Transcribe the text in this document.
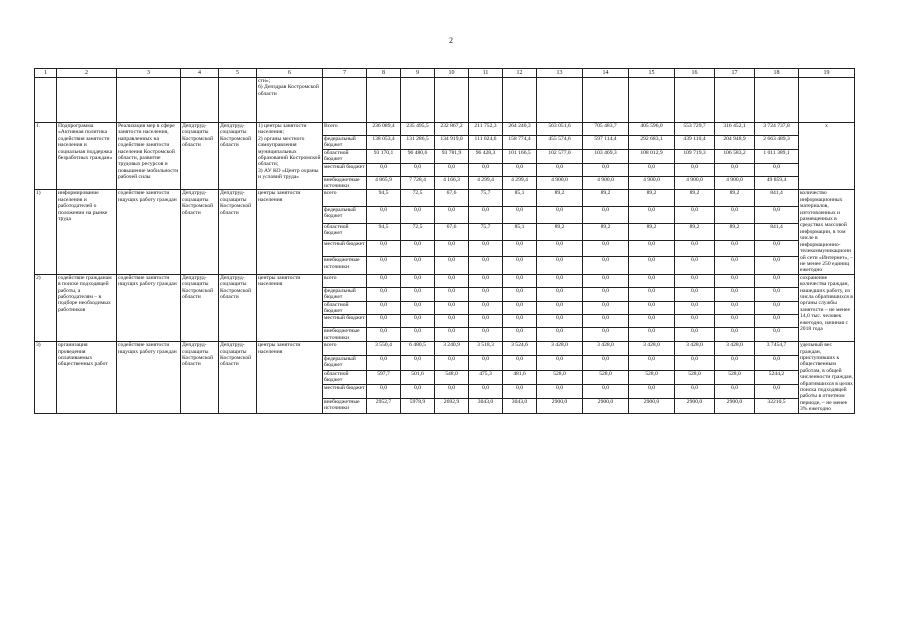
2
1	2	3	4	5	6	7	8	9	10	11	12	13	14	15	16	17	18	19
					сти»;
6) Депздрав Костромской области													
1.	Подпрограмма «Активная политика содействия занятости населения и социальная поддержка безработных граждан»	Реализация мер в сфере занятости населения, направленных на содействие занятости населения Костромской области, развитие трудовых ресурсов и повышение мобильности рабочей силы	Депдтруд-соцзащиты Костромской области	Депдтруд-соцзащиты Костромской области	1) центры занятости населения;
2) органы местного самоуправления муниципальных образований Костромской области;
3) АУ КО «Центр охраны и условий труда»	Всего	236 089,4	235 495,5	232 867,2	211 752,3	264 240,3	563 051,6	705 483,7	405 596,0	553 729,7	316 452,1	3 724 737,8	x
						федеральный бюджет	138 053,4	131 286,5	134 919,0	111 024,6	158 774,4	455 574,6	597 114,4	292 683,1	439 110,4	204 948,9	2 663 489,3	
						областной бюджет	93 170,1	96 480,6	93 781,9	96 428,3	101 166,5	102 577,0	103 469,3	108 012,9	109 719,3	106 583,2	1 011 389,1	
						местный бюджет	0,0	0,0	0,0	0,0	0,0	0,0	0,0	0,0	0,0	0,0	0,0	
						внебюджетные источники	4 865,9	7 728,4	4 166,3	4 299,4	4 299,4	4 900,0	4 900,0	4 900,0	4 900,0	4 900,0	49 859,4	
1)	информирование населения и работодателей о положении на рынке труда	содействие занятости ищущих работу граждан	Депдтруд-соцзащиты Костромской области	Депдтруд-соцзащиты Костромской области	центры занятости населения	всего	94,5	72,5	67,6	75,7	85,1	89,2	89,2	89,2	89,2	89,2	841,4	количество информационных материалов, изготовленных и размещенных в средствах массовой информации, в том числе в информационно-телекоммуникационной сети «Интернет», – не менее 250 единиц ежегодно
						федеральный бюджет	0,0	0,0	0,0	0,0	0,0	0,0	0,0	0,0	0,0	0,0	0,0	
						областной бюджет	94,5	72,5	67,6	75,7	85,1	89,2	89,2	89,2	89,2	89,2	841,4	
						местный бюджет	0,0	0,0	0,0	0,0	0,0	0,0	0,0	0,0	0,0	0,0	0,0	
						внебюджетные источники	0,0	0,0	0,0	0,0	0,0	0,0	0,0	0,0	0,0	0,0	0,0	
2)	содействие гражданам в поиске подходящей работы, а работодателям – в подборе необходимых работников	содействие занятости ищущих работу граждан	Депдтруд-соцзащиты Костромской области	Депдтруд-соцзащиты Костромской области	центры занятости населения	всего	0,0	0,0	0,0	0,0	0,0	0,0	0,0	0,0	0,0	0,0	0,0	сохранение количества граждан, нашедших работу, из числа обратившихся в органы службы занятости – не менее 14,0 тыс. человек ежегодно, начиная с 2018 года
						федеральный бюджет	0,0	0,0	0,0	0,0	0,0	0,0	0,0	0,0	0,0	0,0	0,0	
						областной бюджет	0,0	0,0	0,0	0,0	0,0	0,0	0,0	0,0	0,0	0,0	0,0	
						местный бюджет	0,0	0,0	0,0	0,0	0,0	0,0	0,0	0,0	0,0	0,0	0,0	
						внебюджетные источники	0,0	0,0	0,0	0,0	0,0	0,0	0,0	0,0	0,0	0,0	0,0	
3)	организация проведения оплачиваемых общественных работ	содействие занятости ищущих работу граждан	Депдтруд-соцзащиты Костромской области	Депдтруд-соцзащиты Костромской области	центры занятости населения	всего	3 550,4	6 480,5	3 240,9	3 518,3	3 524,6	3 428,0	3 428,0	3 428,0	3 428,0	3 428,0	3 7454,7	удельный вес граждан, приступивших к общественным работам, в общей численности граждан, обратившихся в целях поиска подходящей работы в отчетном периоде, – не менее 3% ежегодно
						федеральный бюджет	0,0	0,0	0,0	0,0	0,0	0,0	0,0	0,0	0,0	0,0	0,0	
						областной бюджет	597,7	501,6	548,0	475,3	481,6	528,0	528,0	528,0	528,0	528,0	5244,2	
						местный бюджет	0,0	0,0	0,0	0,0	0,0	0,0	0,0	0,0	0,0	0,0	0,0	
						внебюджетные источники	2952,7	5978,9	2692,9	3043,0	3043,0	2900,0	2900,0	2900,0	2900,0	2900,0	32210,5	
